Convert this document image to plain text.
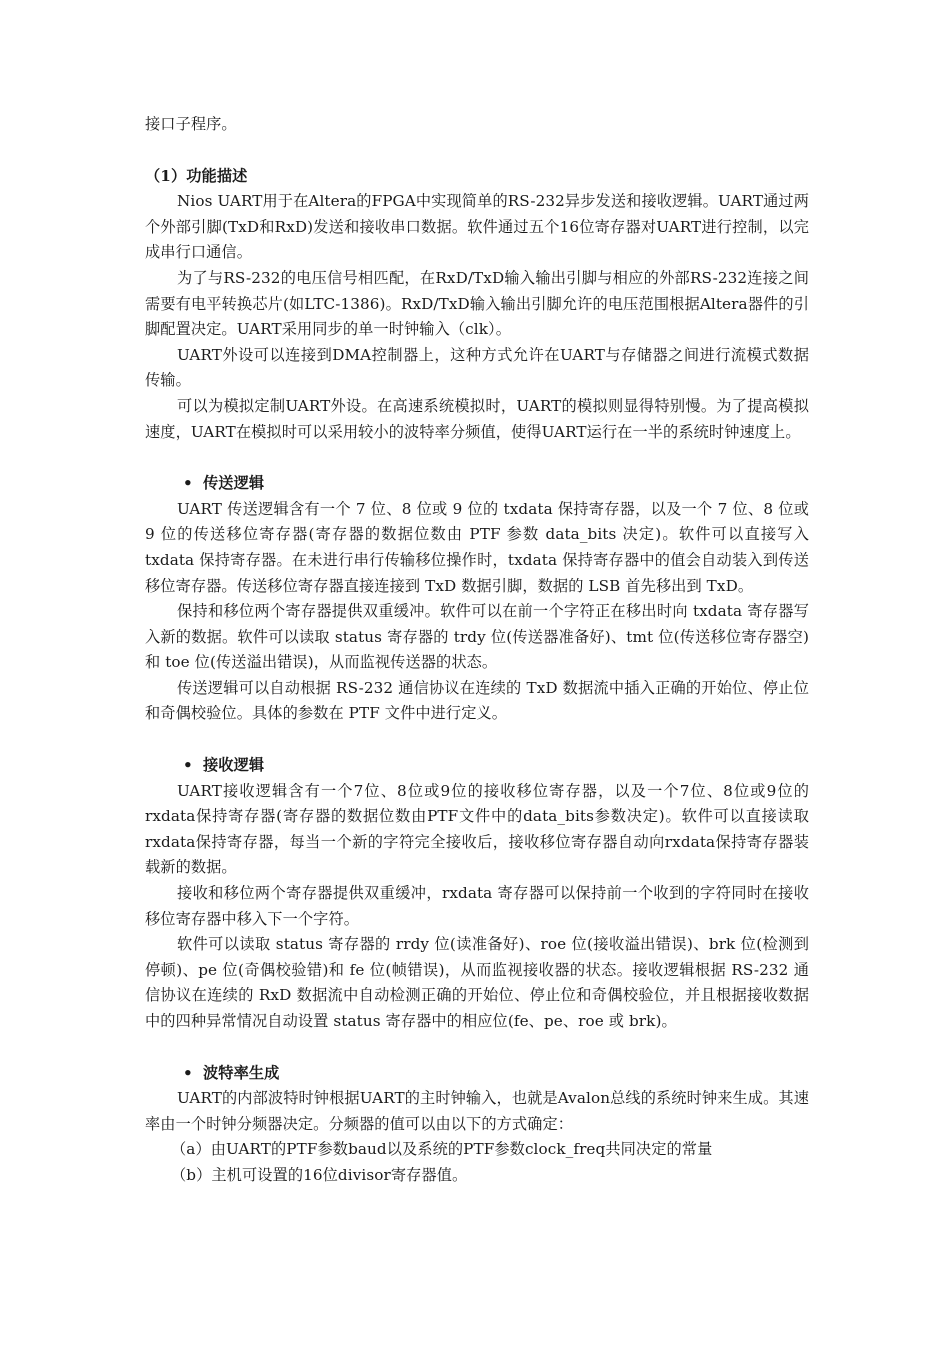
接口子程序。

（1）功能描述

Nios UART用于在Altera的FPGA中实现简单的RS-232异步发送和接收逻辑。UART通过两个外部引脚(TxD和RxD)发送和接收串口数据。软件通过五个16位寄存器对UART进行控制，以完成串行口通信。

为了与RS-232的电压信号相匹配，在RxD/TxD输入输出引脚与相应的外部RS-232连接之间需要有电平转换芯片(如LTC-1386)。RxD/TxD输入输出引脚允许的电压范围根据Altera器件的引脚配置决定。UART采用同步的单一时钟输入（clk）。

UART外设可以连接到DMA控制器上，这种方式允许在UART与存储器之间进行流模式数据传输。

可以为模拟定制UART外设。在高速系统模拟时，UART的模拟则显得特别慢。为了提高模拟速度，UART在模拟时可以采用较小的波特率分频值，使得UART运行在一半的系统时钟速度上。

• 传送逻辑

UART 传送逻辑含有一个 7 位、8 位或 9 位的 txdata 保持寄存器，以及一个 7 位、8 位或 9 位的传送移位寄存器(寄存器的数据位数由 PTF 参数 data_bits 决定)。软件可以直接写入 txdata 保持寄存器。在未进行串行传输移位操作时，txdata 保持寄存器中的值会自动装入到传送移位寄存器。传送移位寄存器直接连接到 TxD 数据引脚，数据的 LSB 首先移出到 TxD。

保持和移位两个寄存器提供双重缓冲。软件可以在前一个字符正在移出时向 txdata 寄存器写入新的数据。软件可以读取 status 寄存器的 trdy 位(传送器准备好)、tmt 位(传送移位寄存器空)和 toe 位(传送溢出错误)，从而监视传送器的状态。

传送逻辑可以自动根据 RS-232 通信协议在连续的 TxD 数据流中插入正确的开始位、停止位和奇偶校验位。具体的参数在 PTF 文件中进行定义。

• 接收逻辑

UART接收逻辑含有一个7位、8位或9位的接收移位寄存器，以及一个7位、8位或9位的rxdata保持寄存器(寄存器的数据位数由PTF文件中的data_bits参数决定)。软件可以直接读取rxdata保持寄存器，每当一个新的字符完全接收后，接收移位寄存器自动向rxdata保持寄存器装载新的数据。

接收和移位两个寄存器提供双重缓冲，rxdata 寄存器可以保持前一个收到的字符同时在接收移位寄存器中移入下一个字符。

软件可以读取 status 寄存器的 rrdy 位(读准备好)、roe 位(接收溢出错误)、brk 位(检测到停顿)、pe 位(奇偶校验错)和 fe 位(帧错误)，从而监视接收器的状态。接收逻辑根据 RS-232 通信协议在连续的 RxD 数据流中自动检测正确的开始位、停止位和奇偶校验位，并且根据接收数据中的四种异常情况自动设置 status 寄存器中的相应位(fe、pe、roe 或 brk)。

• 波特率生成

UART的内部波特时钟根据UART的主时钟输入，也就是Avalon总线的系统时钟来生成。其速率由一个时钟分频器决定。分频器的值可以由以下的方式确定：

（a）由UART的PTF参数baud以及系统的PTF参数clock_freq共同决定的常量

（b）主机可设置的16位divisor寄存器值。
